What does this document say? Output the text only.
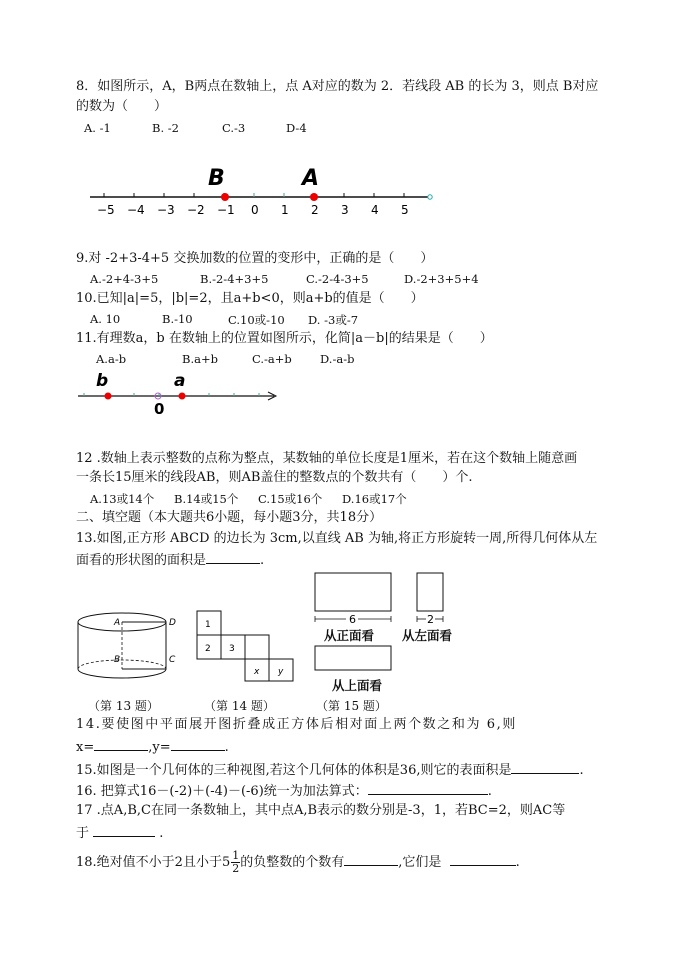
8．如图所示，A，B两点在数轴上，点 A对应的数为 2．若线段 AB 的长为 3，则点 B对应
的数为（　　）
A. -1	B. -2	C.-3	D-4
−5 −4 −3 −2 −1 0 1 2 3 4 5
B	A
9.对 -2+3-4+5 交换加数的位置的变形中，正确的是（　　）
A.-2+4-3+5	B.-2-4+3+5	C.-2-4-3+5	D.-2+3+5+4
10.已知|a|=5，|b|=2，且a+b<0，则a+b的值是（　　）
A. 10	B.-10	C.10或-10 D. -3或-7
11.有理数a，b 在数轴上的位置如图所示，化简|a－b|的结果是（　　）
A.a-b	B.a+b	C.-a+b D.-a-b
b	a
0
12 .数轴上表示整数的点称为整点，某数轴的单位长度是1厘米，若在这个数轴上随意画
一条长15厘米的线段AB，则AB盖住的整数点的个数共有（　　）个.
A.13或14个 B.14或15个 C.15或16个 D.16或17个
二、填空题（本大题共6小题，每小题3分，共18分）
13.如图,正方形 ABCD 的边长为 3cm,以直线 AB 为轴,将正方形旋转一周,所得几何体从左
面看的形状图的面积是	.
A	D
B	C
1
2 3
x y
6	2
从正面看 从左面看
从上面看
（第 13 题）	（第 14 题）	（第 15 题）
14.要使图中平面展开图折叠成正方体后相对面上两个数之和为 6,则
x=	,y=	.
15.如图是一个几何体的三种视图,若这个几何体的体积是36,则它的表面积是	.
16. 把算式16－(-2)＋(-4)－(-6)统一为加法算式：	.
17 .点A,B,C在同一条数轴上，其中点A,B表示的数分别是-3，1，若BC=2，则AC等
于	.
18.绝对值不小于2且小于$5 \frac{1}{2}$ 的负整数的个数有	,它们是	.
